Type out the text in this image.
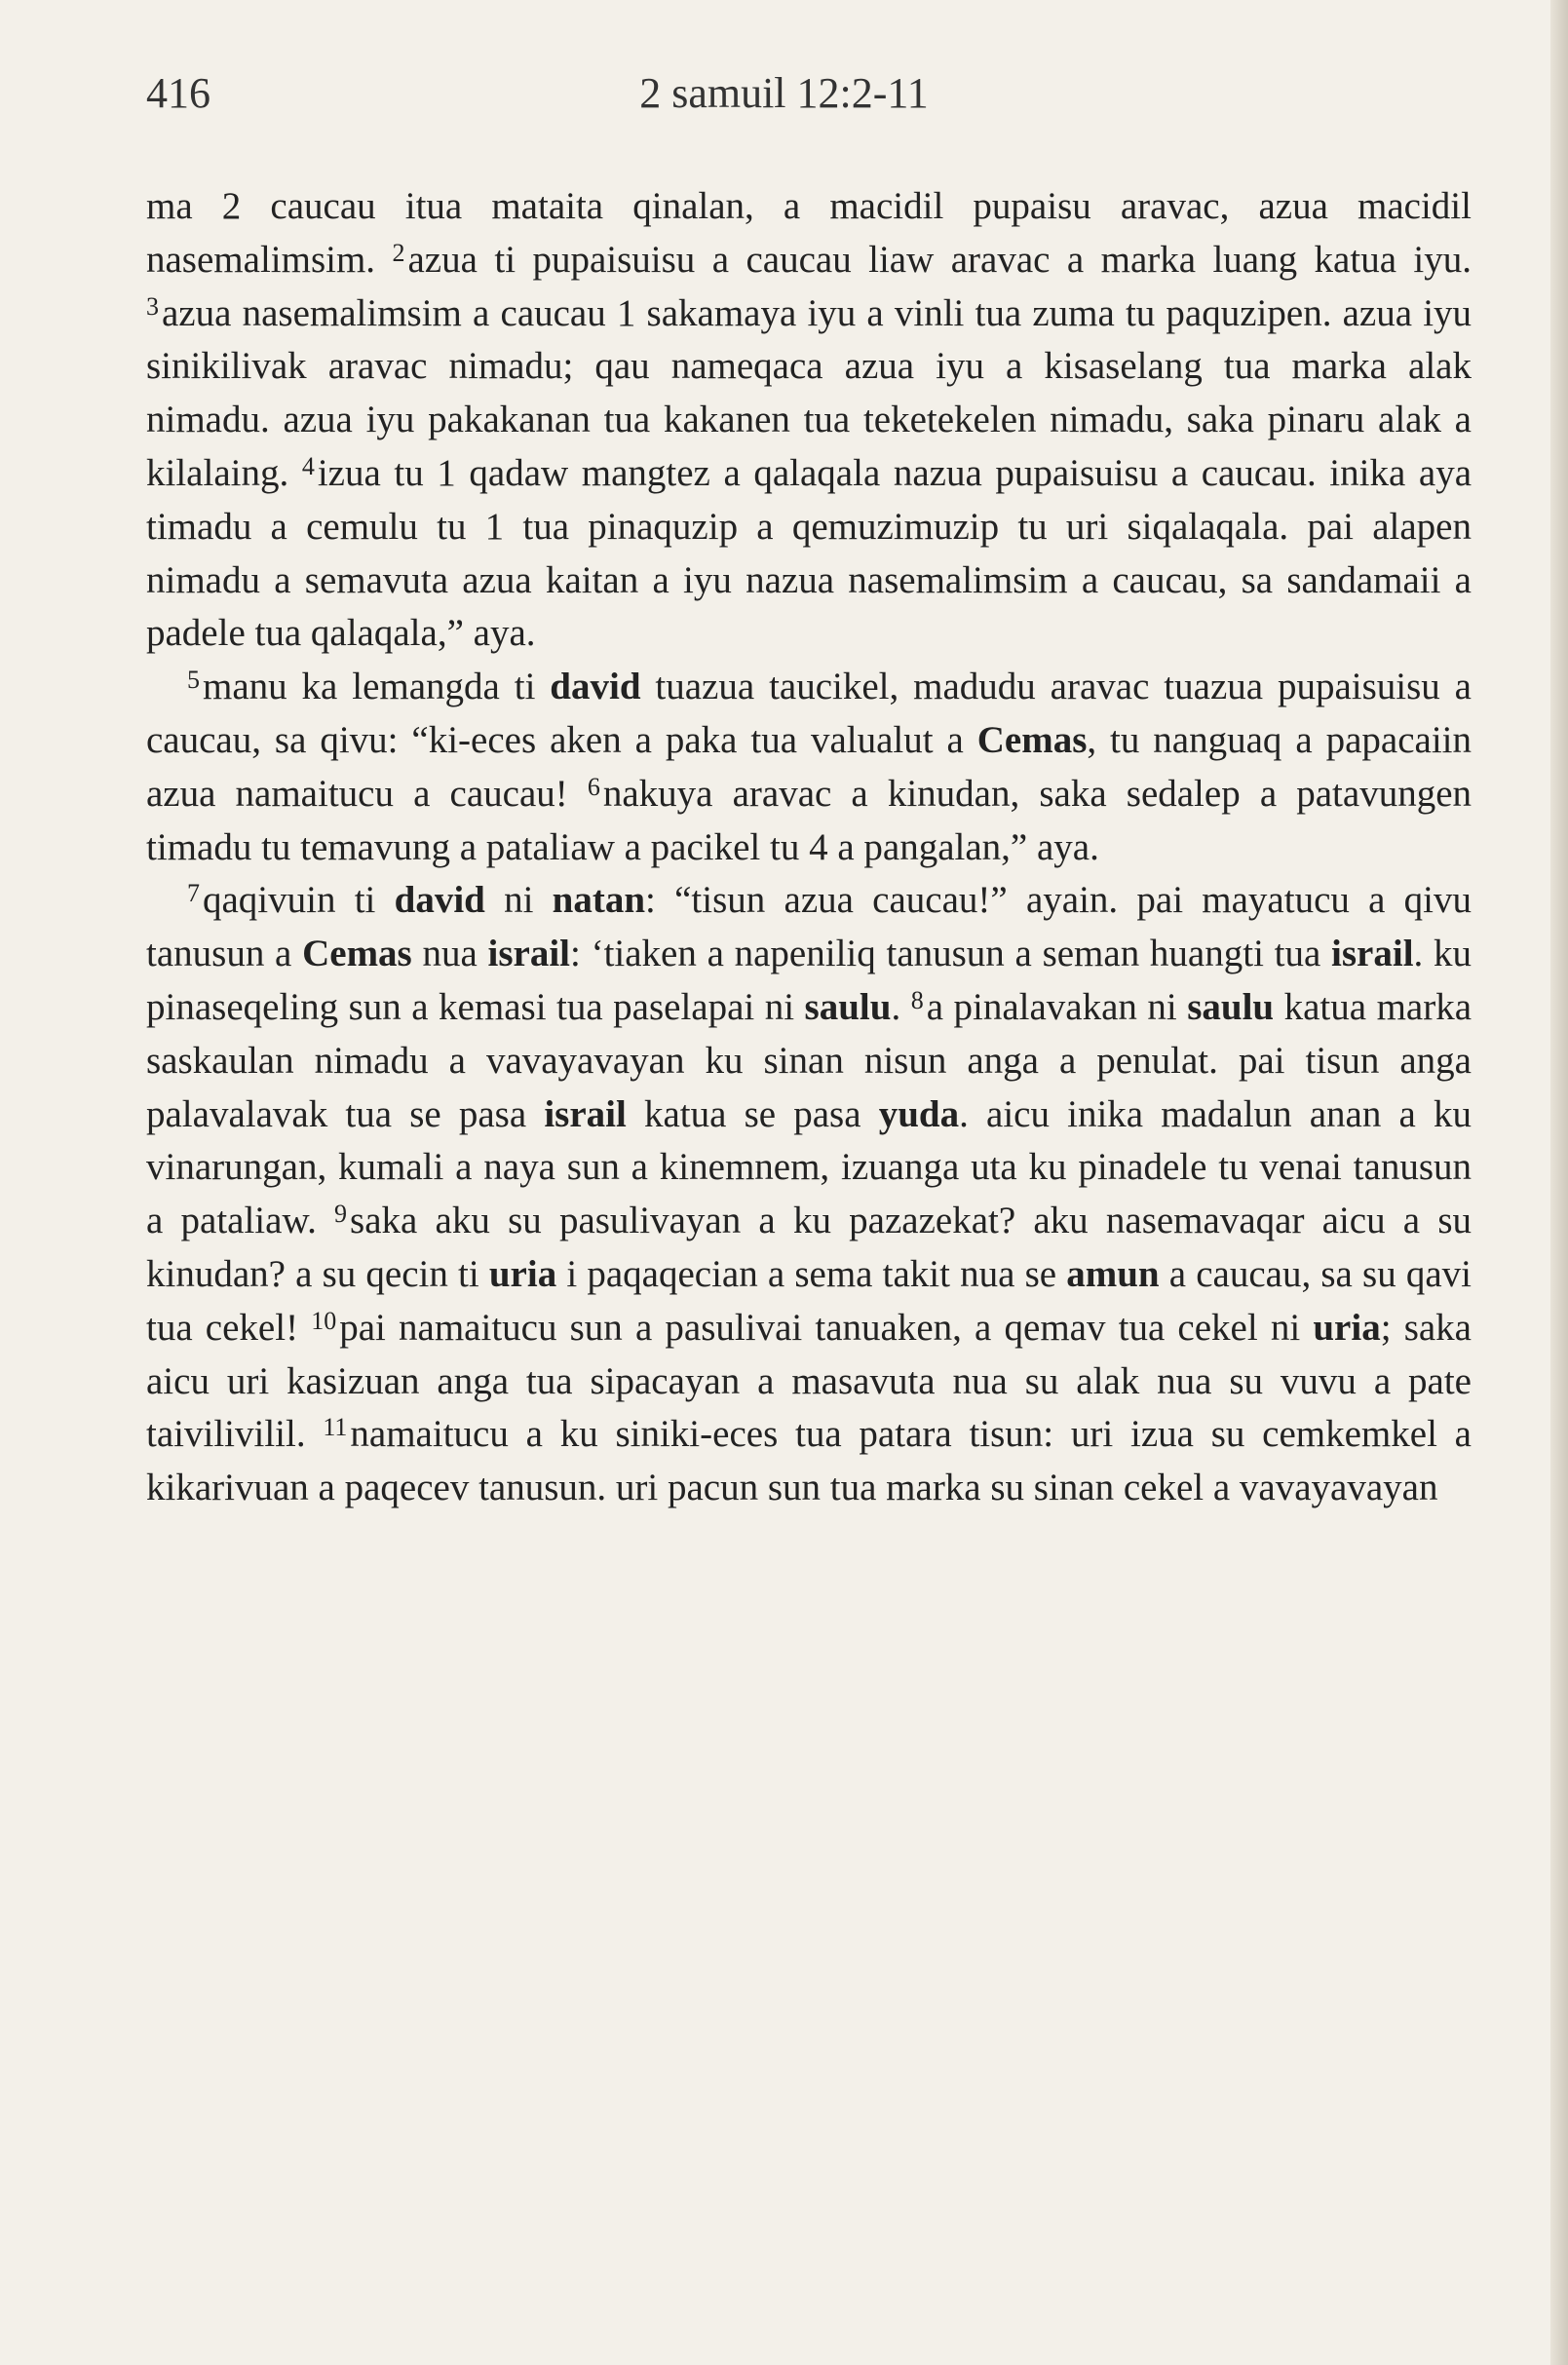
416	2 samuil 12:2-11

ma 2 caucau itua mataita qinalan, a macidil pupaisu aravac, azua macidil nasemalimsim. $^2$azua ti pupaisuisu a caucau liaw aravac a marka luang katua iyu. $^3$azua nasemalimsim a caucau 1 sakamaya iyu a vinli tua zuma tu paquzipen. azua iyu sinikilivak aravac nimadu; qau nameqaca azua iyu a kisaselang tua marka alak nimadu. azua iyu pakakanan tua kakanen tua teketekelen nimadu, saka pinaru alak a kilalaing. $^4$izua tu 1 qadaw mangtez a qalaqala nazua pupaisuisu a caucau. inika aya timadu a cemulu tu 1 tua pinaquzip a qemuzimuzip tu uri siqalaqala. pai alapen nimadu a semavuta azua kaitan a iyu nazua nasemalimsim a caucau, sa sandamaii a padele tua qalaqala,” aya.

$^5$manu ka lemangda ti david tuazua taucikel, madudu aravac tuazua pupaisuisu a caucau, sa qivu: “ki-eces aken a paka tua valualut a Cemas, tu nanguaq a papacaiin azua namaitucu a caucau! $^6$nakuya aravac a kinudan, saka sedalep a patavungen timadu tu temavung a pataliaw a pacikel tu 4 a pangalan,” aya.

$^7$qaqivuin ti david ni natan: “tisun azua caucau!” ayain. pai mayatucu a qivu tanusun a Cemas nua israil: ‘tiaken a napeniliq tanusun a seman huangti tua israil. ku pinaseqeling sun a kemasi tua paselapai ni saulu. $^8$a pinalavakan ni saulu katua marka saskaulan nimadu a vavayavayan ku sinan nisun anga a penulat. pai tisun anga palavalavak tua se pasa israil katua se pasa yuda. aicu inika madalun anan a ku vinarungan, kumali a naya sun a kinemnem, izuanga uta ku pinadele tu venai tanusun a pataliaw. $^9$saka aku su pasulivayan a ku pazazekat? aku nasemavaqar aicu a su kinudan? a su qecin ti uria i paqaqecian a sema takit nua se amun a caucau, sa su qavi tua cekel! $^{10}$pai namaitucu sun a pasulivai tanuaken, a qemav tua cekel ni uria; saka aicu uri kasizuan anga tua sipacayan a masavuta nua su alak nua su vuvu a pate taivilivilil. $^{11}$namaitucu a ku siniki-eces tua patara tisun: uri izua su cemkemkel a kikarivuan a paqecev tanusun. uri pacun sun tua marka su sinan cekel a vavayavayan
